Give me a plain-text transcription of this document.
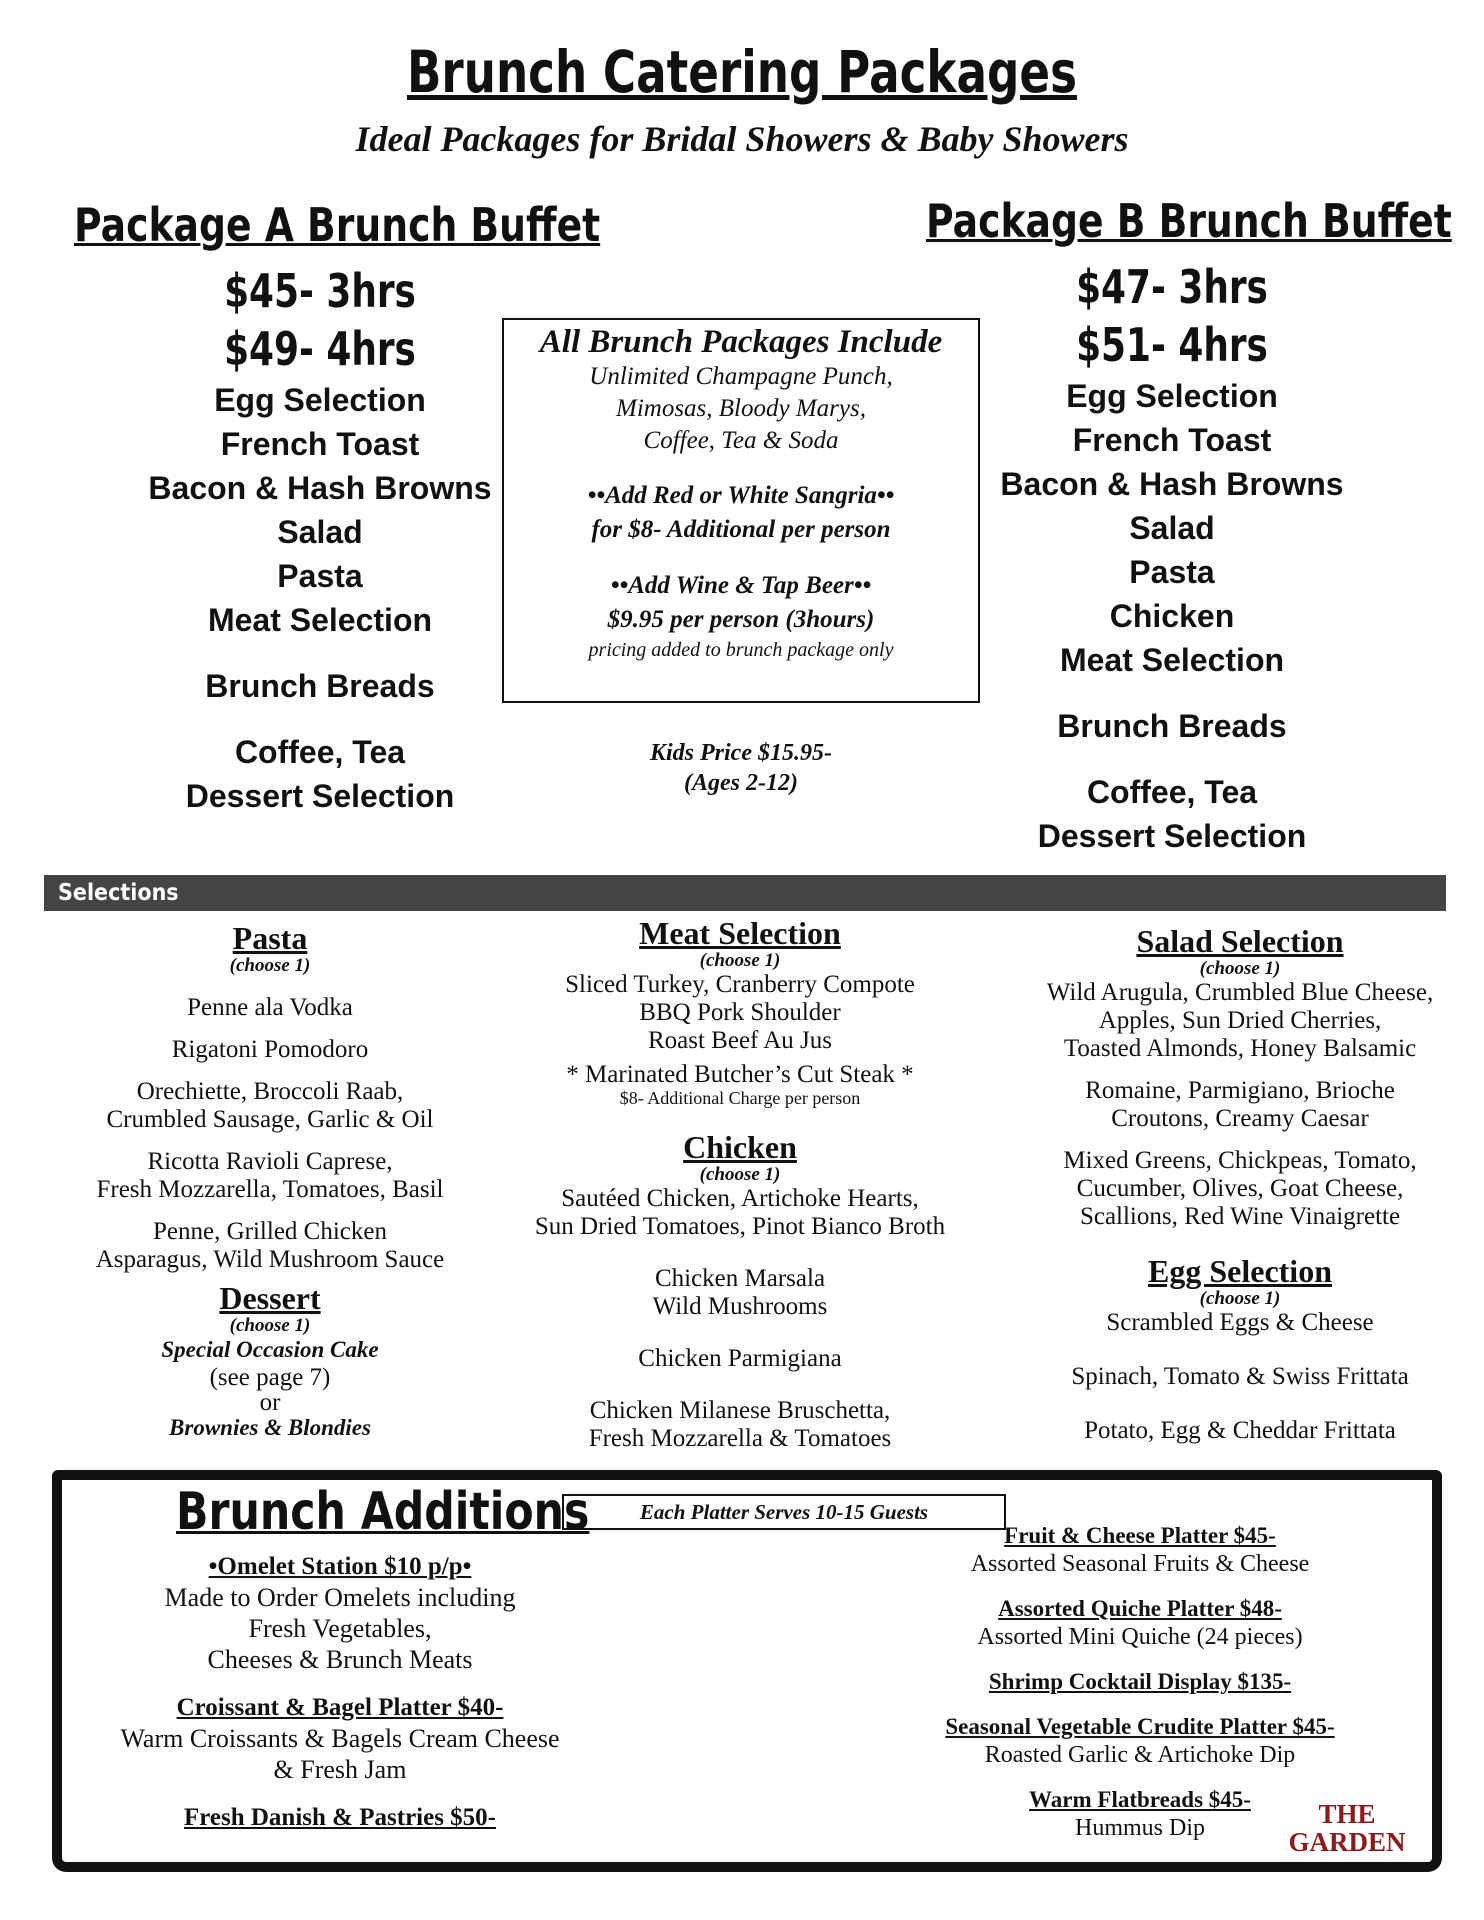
Brunch Catering Packages
Ideal Packages for Bridal Showers & Baby Showers
Package A Brunch Buffet
$45- 3hrs
$49- 4hrs
Egg Selection
French Toast
Bacon & Hash Browns
Salad
Pasta
Meat Selection
Brunch Breads
Coffee, Tea
Dessert Selection
Package B Brunch Buffet
$47- 3hrs
$51- 4hrs
Egg Selection
French Toast
Bacon & Hash Browns
Salad
Pasta
Chicken
Meat Selection
Brunch Breads
Coffee, Tea
Dessert Selection
All Brunch Packages Include
Unlimited Champagne Punch,
Mimosas, Bloody Marys,
Coffee, Tea & Soda
••Add Red or White Sangria••
for $8- Additional per person
••Add Wine & Tap Beer••
$9.95 per person (3hours)
pricing added to brunch package only
Kids Price $15.95-
(Ages 2-12)
Selections
Pasta
(choose 1)
Penne ala Vodka
Rigatoni Pomodoro
Orechiette, Broccoli Raab,
Crumbled Sausage, Garlic & Oil
Ricotta Ravioli Caprese,
Fresh Mozzarella, Tomatoes, Basil
Penne, Grilled Chicken
Asparagus, Wild Mushroom Sauce
Dessert
(choose 1)
Special Occasion Cake
(see page 7)
or
Brownies & Blondies
Meat Selection
(choose 1)
Sliced Turkey, Cranberry Compote
BBQ Pork Shoulder
Roast Beef Au Jus
* Marinated Butcher’s Cut Steak *
$8- Additional Charge per person
Chicken
(choose 1)
Sautéed Chicken, Artichoke Hearts,
Sun Dried Tomatoes, Pinot Bianco Broth
Chicken Marsala
Wild Mushrooms
Chicken Parmigiana
Chicken Milanese Bruschetta,
Fresh Mozzarella & Tomatoes
Salad Selection
(choose 1)
Wild Arugula, Crumbled Blue Cheese,
Apples, Sun Dried Cherries,
Toasted Almonds, Honey Balsamic
Romaine, Parmigiano, Brioche
Croutons, Creamy Caesar
Mixed Greens, Chickpeas, Tomato,
Cucumber, Olives, Goat Cheese,
Scallions, Red Wine Vinaigrette
Egg Selection
(choose 1)
Scrambled Eggs & Cheese
Spinach, Tomato & Swiss Frittata
Potato, Egg & Cheddar Frittata
Brunch Additions	Each Platter Serves 10-15 Guests
•Omelet Station $10 p/p•
Made to Order Omelets including
Fresh Vegetables,
Cheeses & Brunch Meats
Croissant & Bagel Platter $40-
Warm Croissants & Bagels Cream Cheese
& Fresh Jam
Fresh Danish & Pastries $50-
Fruit & Cheese Platter $45-
Assorted Seasonal Fruits & Cheese
Assorted Quiche Platter $48-
Assorted Mini Quiche (24 pieces)
Shrimp Cocktail Display $135-
Seasonal Vegetable Crudite Platter $45-
Roasted Garlic & Artichoke Dip
Warm Flatbreads $45-
Hummus Dip	THE
GARDEN
